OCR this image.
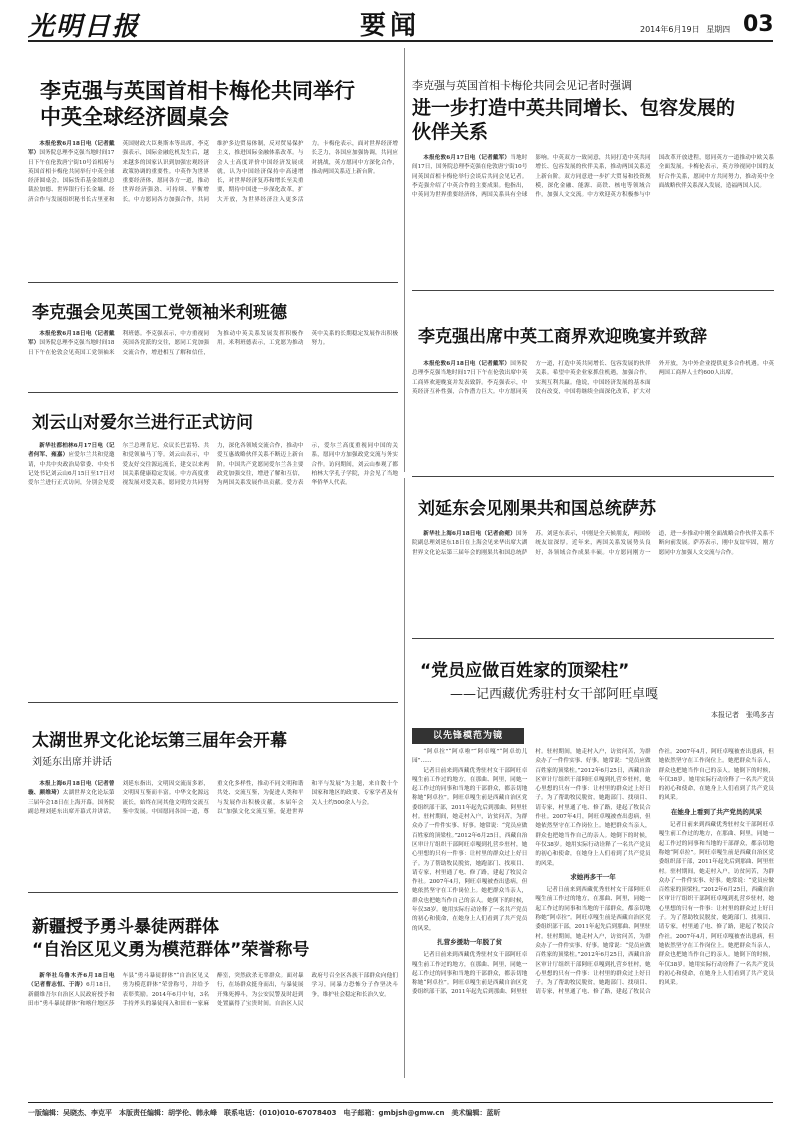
光明日报	要闻	2014年6月19日 星期四 03
李克强与英国首相卡梅伦共同举行
中英全球经济圆桌会

本报伦敦6月18日电（记者戴军）国务院总理李克强当地时间17日下午在伦敦唐宁街10号首相府与英国首相卡梅伦共同举行中英全球经济圆桌会。国际货币基金组织总裁拉加德、世界银行行长金墉、经济合作与发展组织秘书长古里亚和英国财政大臣奥斯本等出席。李克强表示，国际金融危机发生后，越来越多的国家认识到加强宏观经济政策协调的重要性。中英作为世界重要经济体，愿同各方一道，推动世界经济强劲、可持续、平衡增长。中方愿同各方加强合作，共同维护多边贸易体制，反对贸易保护主义，推进国际金融体系改革。与会人士高度评价中国经济发展成就，认为中国经济保持中高速增长，对世界经济复苏和增长至关重要，期待中国进一步深化改革，扩大开放，为世界经济注入更多活力。卡梅伦表示，面对世界经济增长乏力，各国应加强协调，共同应对挑战，英方愿同中方深化合作，推动两国关系迈上新台阶。

李克强与英国首相卡梅伦共同会见记者时强调
进一步打造中英共同增长、包容发展的
伙伴关系

本报伦敦6月17日电（记者戴军）当地时间17日，国务院总理李克强在伦敦唐宁街10号同英国首相卡梅伦举行会谈后共同会见记者。李克强介绍了中英合作的主要成果。他指出，中英同为世界重要经济体，两国关系具有全球影响。中英双方一致同意，共同打造中英共同增长、包容发展的伙伴关系，推动两国关系迈上新台阶。双方同意进一步扩大贸易和投资规模，深化金融、能源、高铁、核电等领域合作，加强人文交流。中方欢迎英方积极参与中国改革开放进程，愿同英方一道推动中欧关系全面发展。卡梅伦表示，英方珍视同中国的友好合作关系，愿同中方共同努力，推动英中全面战略伙伴关系深入发展，造福两国人民。

李克强会见英国工党领袖米利班德

本报伦敦6月18日电（记者戴军）国务院总理李克强当地时间18日下午在伦敦会见英国工党领袖米利班德。李克强表示，中方重视同英国各党派的交往，愿同工党加强交流合作，增进相互了解和信任，为推动中英关系发展发挥积极作用。米利班德表示，工党愿为推动英中关系的长期稳定发展作出积极努力。	李克强出席中英工商界欢迎晚宴并致辞

本报伦敦6月18日电（记者戴军）国务院总理李克强当地时间17日下午在伦敦出席中英工商界欢迎晚宴并发表致辞。李克强表示，中英经济互补性强，合作潜力巨大。中方愿同英方一道，打造中英共同增长、包容发展的伙伴关系。希望中英企业家抓住机遇，加强合作，实现互利共赢。他说，中国经济发展的基本面没有改变，中国将继续全面深化改革，扩大对外开放，为中外企业提供更多合作机遇。中英两国工商界人士约600人出席。

刘云山对爱尔兰进行正式访问

新华社都柏林6月17日电（记者何军、雍嘉）应爱尔兰共和党邀请，中共中央政治局常委、中央书记处书记刘云山6月15日至17日对爱尔兰进行正式访问，分别会见爱尔兰总理肯尼、众议长巴雷特、共和党领袖马丁等。刘云山表示，中爱友好交往源远流长，建交以来两国关系健康稳定发展。中方高度重视发展对爱关系，愿同爱方共同努力，深化各领域交流合作，推动中爱互惠战略伙伴关系不断迈上新台阶。中国共产党愿同爱尔兰各主要政党加强交往，增进了解和互信，为两国关系发展作出贡献。爱方表示，爱尔兰高度重视同中国的关系，愿同中方加强政党交流与务实合作。访问期间，刘云山参观了都柏林大学孔子学院，并会见了当地华侨华人代表。

刘延东会见刚果共和国总统萨苏

新华社上海6月18日电（记者俞菀）国务院副总理刘延东18日在上海会见来华出席大湖世界文化论坛第三届年会的刚果共和国总统萨苏。刘延东表示，中刚是全天候朋友，两国传统友谊深厚。近年来，两国关系发展势头良好，各领域合作成果丰硕。中方愿同刚方一道，进一步推动中刚全面战略合作伙伴关系不断向前发展。萨苏表示，刚中友谊牢固，刚方愿同中方加强人文交流与合作。

太湖世界文化论坛第三届年会开幕
刘延东出席并讲话

本报上海6月18日电（记者曾璇、颜维琦）太湖世界文化论坛第三届年会18日在上海开幕。国务院副总理刘延东出席开幕式并讲话。刘延东指出，文明因交流而多彩，文明因互鉴而丰富。中华文化源远流长，始终在同其他文明的交流互鉴中发展。中国愿同各国一道，尊重文化多样性，推动不同文明和谐共处、交流互鉴，为促进人类和平与发展作出积极贡献。本届年会以“加强文化交流互鉴，促进世界和平与发展”为主题，来自数十个国家和地区的政要、专家学者及有关人士约500余人与会。

新疆授予勇斗暴徒两群体
“自治区见义勇为模范群体”荣誉称号

新华社乌鲁木齐6月18日电（记者曹志恒、于涛）6月18日，新疆维吾尔自治区人民政府授予和田市“勇斗暴徒群体”和喀什地区莎车县“勇斗暴徒群体”“自治区见义勇为模范群体”荣誉称号，并给予表彰奖励。2014年6月中旬，3名手持斧头的暴徒闯入和田市一家麻醉室，突然砍杀无辜群众。面对暴行，在场群众挺身而出，与暴徒展开殊死搏斗，为公安民警及时赶到处置赢得了宝贵时间。自治区人民政府号召全区各族干部群众向他们学习，同暴力恐怖分子作坚决斗争，维护社会稳定和长治久安。

“党员应做百姓家的顶梁柱”
——记西藏优秀驻村女干部阿旺卓嘎
本报记者　张鸣多吉
以先锋模范为镜

“阿卓拉”“阿卓啦”“阿卓嘎”“阿卓幼儿园”……

记者日前来到西藏优秀驻村女干部阿旺卓嘎生前工作过的地方，在那曲、阿里，同她一起工作过的同事和当地的干部群众，都亲切地称她“阿卓拉”。阿旺卓嘎生前是西藏自治区党委组织部干部，2011年起先后到那曲、阿里驻村。驻村期间，她走村入户，访贫问苦，为群众办了一件件实事、好事。她常说：“党员应做百姓家的顶梁柱。”2012年6月25日，西藏自治区审计厅组织干部阿旺卓嘎到扎营乡驻村，她心里想的只有一件事：让村里的群众过上好日子。为了帮助牧民脱贫，她跑部门、找项目、请专家，村里通了电、修了路，建起了牧民合作社。2007年4月，阿旺卓嘎被查出患病，但她依然坚守在工作岗位上。她把群众当亲人，群众也把她当作自己的亲人。她倒下的时候，年仅38岁。她用实际行动诠释了一名共产党员的初心和使命，在她身上人们看到了共产党员的风采。

扎营乡援助一年脱了贫

记者日前来到西藏优秀驻村女干部阿旺卓嘎生前工作过的地方，在那曲、阿里，同她一起工作过的同事和当地的干部群众，都亲切地称她“阿卓拉”。阿旺卓嘎生前是西藏自治区党委组织部干部，2011年起先后到那曲、阿里驻村。驻村期间，她走村入户，访贫问苦，为群众办了一件件实事、好事。她常说：“党员应做百姓家的顶梁柱。”2012年6月25日，西藏自治区审计厅组织干部阿旺卓嘎到扎营乡驻村，她心里想的只有一件事：让村里的群众过上好日子。为了帮助牧民脱贫，她跑部门、找项目、请专家，村里通了电、修了路，建起了牧民合作社。2007年4月，阿旺卓嘎被查出患病，但她依然坚守在工作岗位上。她把群众当亲人，群众也把她当作自己的亲人。她倒下的时候，年仅38岁。她用实际行动诠释了一名共产党员的初心和使命，在她身上人们看到了共产党员的风采。

求她再多干一年

记者日前来到西藏优秀驻村女干部阿旺卓嘎生前工作过的地方，在那曲、阿里，同她一起工作过的同事和当地的干部群众，都亲切地称她“阿卓拉”。阿旺卓嘎生前是西藏自治区党委组织部干部，2011年起先后到那曲、阿里驻村。驻村期间，她走村入户，访贫问苦，为群众办了一件件实事、好事。她常说：“党员应做百姓家的顶梁柱。”2012年6月25日，西藏自治区审计厅组织干部阿旺卓嘎到扎营乡驻村，她心里想的只有一件事：让村里的群众过上好日子。为了帮助牧民脱贫，她跑部门、找项目、请专家，村里通了电、修了路，建起了牧民合作社。2007年4月，阿旺卓嘎被查出患病，但她依然坚守在工作岗位上。她把群众当亲人，群众也把她当作自己的亲人。她倒下的时候，年仅38岁。她用实际行动诠释了一名共产党员的初心和使命，在她身上人们看到了共产党员的风采。

在她身上看到了共产党员的风采

记者日前来到西藏优秀驻村女干部阿旺卓嘎生前工作过的地方，在那曲、阿里，同她一起工作过的同事和当地的干部群众，都亲切地称她“阿卓拉”。阿旺卓嘎生前是西藏自治区党委组织部干部，2011年起先后到那曲、阿里驻村。驻村期间，她走村入户，访贫问苦，为群众办了一件件实事、好事。她常说：“党员应做百姓家的顶梁柱。”2012年6月25日，西藏自治区审计厅组织干部阿旺卓嘎到扎营乡驻村，她心里想的只有一件事：让村里的群众过上好日子。为了帮助牧民脱贫，她跑部门、找项目、请专家，村里通了电、修了路，建起了牧民合作社。2007年4月，阿旺卓嘎被查出患病，但她依然坚守在工作岗位上。她把群众当亲人，群众也把她当作自己的亲人。她倒下的时候，年仅38岁。她用实际行动诠释了一名共产党员的初心和使命，在她身上人们看到了共产党员的风采。

一版编辑：吴晓杰、李克平　本版责任编辑：胡学伦、韩永峰　联系电话：(010)010-67078403　电子邮箱：gmbjsh@gmw.cn　美术编辑：蓝昕
